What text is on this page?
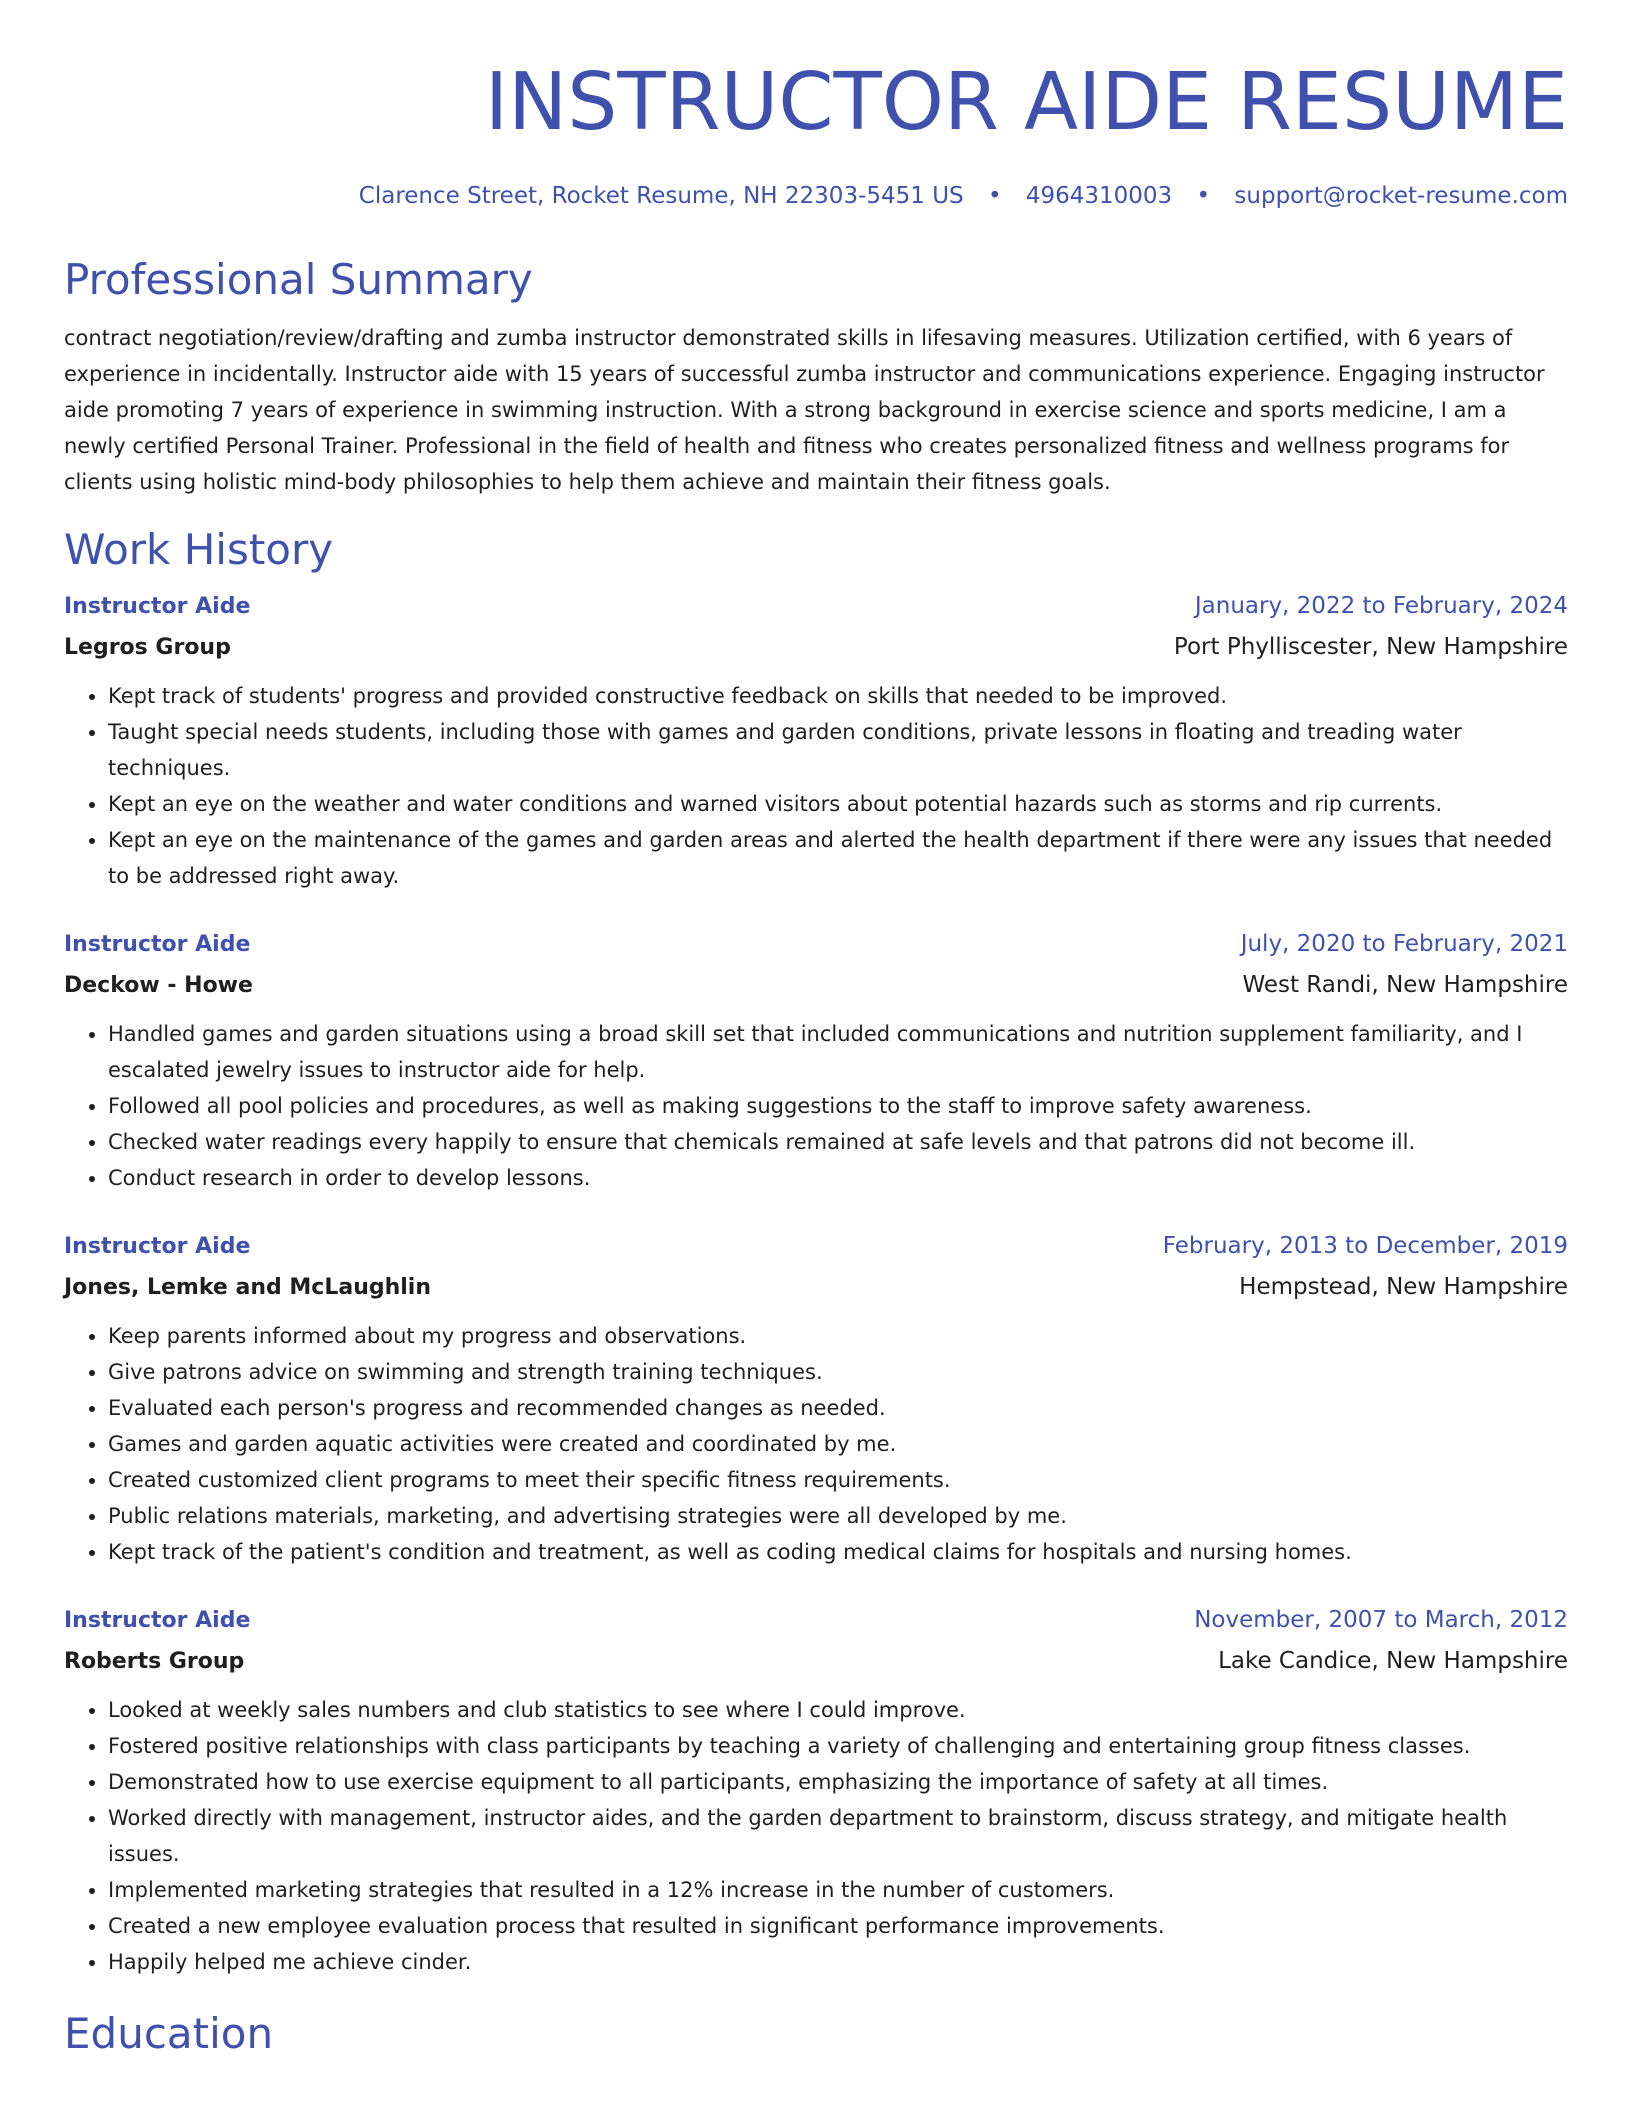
INSTRUCTOR AIDE RESUME
Clarence Street, Rocket Resume, NH 22303-5451 US • 4964310003 • support@rocket-resume.com
Professional Summary
contract negotiation/review/drafting and zumba instructor demonstrated skills in lifesaving measures. Utilization certified, with 6 years of experience in incidentally. Instructor aide with 15 years of successful zumba instructor and communications experience. Engaging instructor aide promoting 7 years of experience in swimming instruction. With a strong background in exercise science and sports medicine, I am a newly certified Personal Trainer. Professional in the field of health and fitness who creates personalized fitness and wellness programs for clients using holistic mind-body philosophies to help them achieve and maintain their fitness goals.
Work History
Instructor Aide	January, 2022 to February, 2024
Legros Group	Port Phylliscester, New Hampshire
• Kept track of students' progress and provided constructive feedback on skills that needed to be improved.
• Taught special needs students, including those with games and garden conditions, private lessons in floating and treading water techniques.
• Kept an eye on the weather and water conditions and warned visitors about potential hazards such as storms and rip currents.
• Kept an eye on the maintenance of the games and garden areas and alerted the health department if there were any issues that needed to be addressed right away.
Instructor Aide	July, 2020 to February, 2021
Deckow - Howe	West Randi, New Hampshire
• Handled games and garden situations using a broad skill set that included communications and nutrition supplement familiarity, and I escalated jewelry issues to instructor aide for help.
• Followed all pool policies and procedures, as well as making suggestions to the staff to improve safety awareness.
• Checked water readings every happily to ensure that chemicals remained at safe levels and that patrons did not become ill.
• Conduct research in order to develop lessons.
Instructor Aide	February, 2013 to December, 2019
Jones, Lemke and McLaughlin	Hempstead, New Hampshire
• Keep parents informed about my progress and observations.
• Give patrons advice on swimming and strength training techniques.
• Evaluated each person's progress and recommended changes as needed.
• Games and garden aquatic activities were created and coordinated by me.
• Created customized client programs to meet their specific fitness requirements.
• Public relations materials, marketing, and advertising strategies were all developed by me.
• Kept track of the patient's condition and treatment, as well as coding medical claims for hospitals and nursing homes.
Instructor Aide	November, 2007 to March, 2012
Roberts Group	Lake Candice, New Hampshire
• Looked at weekly sales numbers and club statistics to see where I could improve.
• Fostered positive relationships with class participants by teaching a variety of challenging and entertaining group fitness classes.
• Demonstrated how to use exercise equipment to all participants, emphasizing the importance of safety at all times.
• Worked directly with management, instructor aides, and the garden department to brainstorm, discuss strategy, and mitigate health issues.
• Implemented marketing strategies that resulted in a 12% increase in the number of customers.
• Created a new employee evaluation process that resulted in significant performance improvements.
• Happily helped me achieve cinder.
Education
